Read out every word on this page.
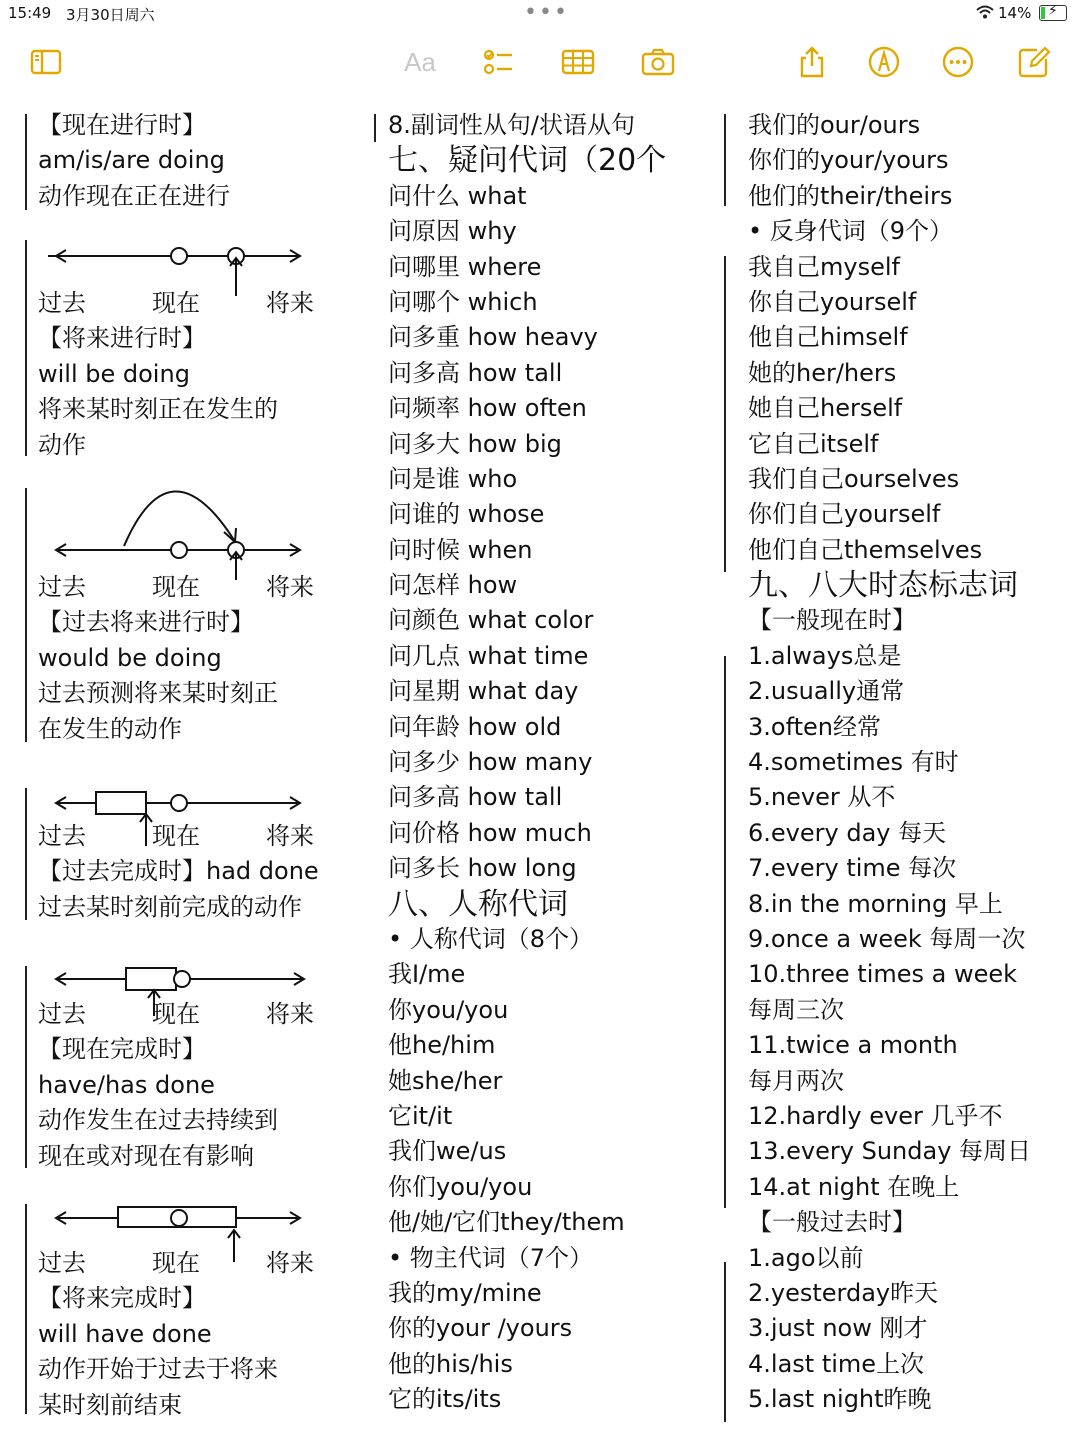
15:49 3月30日周六	•••	14% ⚡
Aa
【现在进行时】
am/is/are doing
动作现在正在进行
过去	现在	将来
【将来进行时】
will be doing
将来某时刻正在发生的
动作
过去	现在	将来
【过去将来进行时】
would be doing
过去预测将来某时刻正
在发生的动作
过去	现在	将来
【过去完成时】had done
过去某时刻前完成的动作
过去	现在	将来
【现在完成时】
have/has done
动作发生在过去持续到
现在或对现在有影响
过去	现在	将来
【将来完成时】
will have done
动作开始于过去于将来
某时刻前结束
8.副词性从句/状语从句
七、疑问代词（20个
问什么 what
问原因 why
问哪里 where
问哪个 which
问多重 how heavy
问多高 how tall
问频率 how often
问多大 how big
问是谁 who
问谁的 whose
问时候 when
问怎样 how
问颜色 what color
问几点 what time
问星期 what day
问年龄 how old
问多少 how many
问多高 how tall
问价格 how much
问多长 how long
八、人称代词
• 人称代词（8个）
我I/me
你you/you
他he/him
她she/her
它it/it
我们we/us
你们you/you
他/她/它们they/them
• 物主代词（7个）
我的my/mine
你的your /yours
他的his/his
它的its/its
我们的our/ours
你们的your/yours
他们的their/theirs
• 反身代词（9个）
我自己myself
你自己yourself
他自己himself
她的her/hers
她自己herself
它自己itself
我们自己ourselves
你们自己yourself
他们自己themselves
九、八大时态标志词
【一般现在时】
1.always总是
2.usually通常
3.often经常
4.sometimes 有时
5.never 从不
6.every day 每天
7.every time 每次
8.in the morning 早上
9.once a week 每周一次
10.three times a week
每周三次
11.twice a month
每月两次
12.hardly ever 几乎不
13.every Sunday 每周日
14.at night 在晚上
【一般过去时】
1.ago以前
2.yesterday昨天
3.just now 刚才
4.last time上次
5.last night昨晚
